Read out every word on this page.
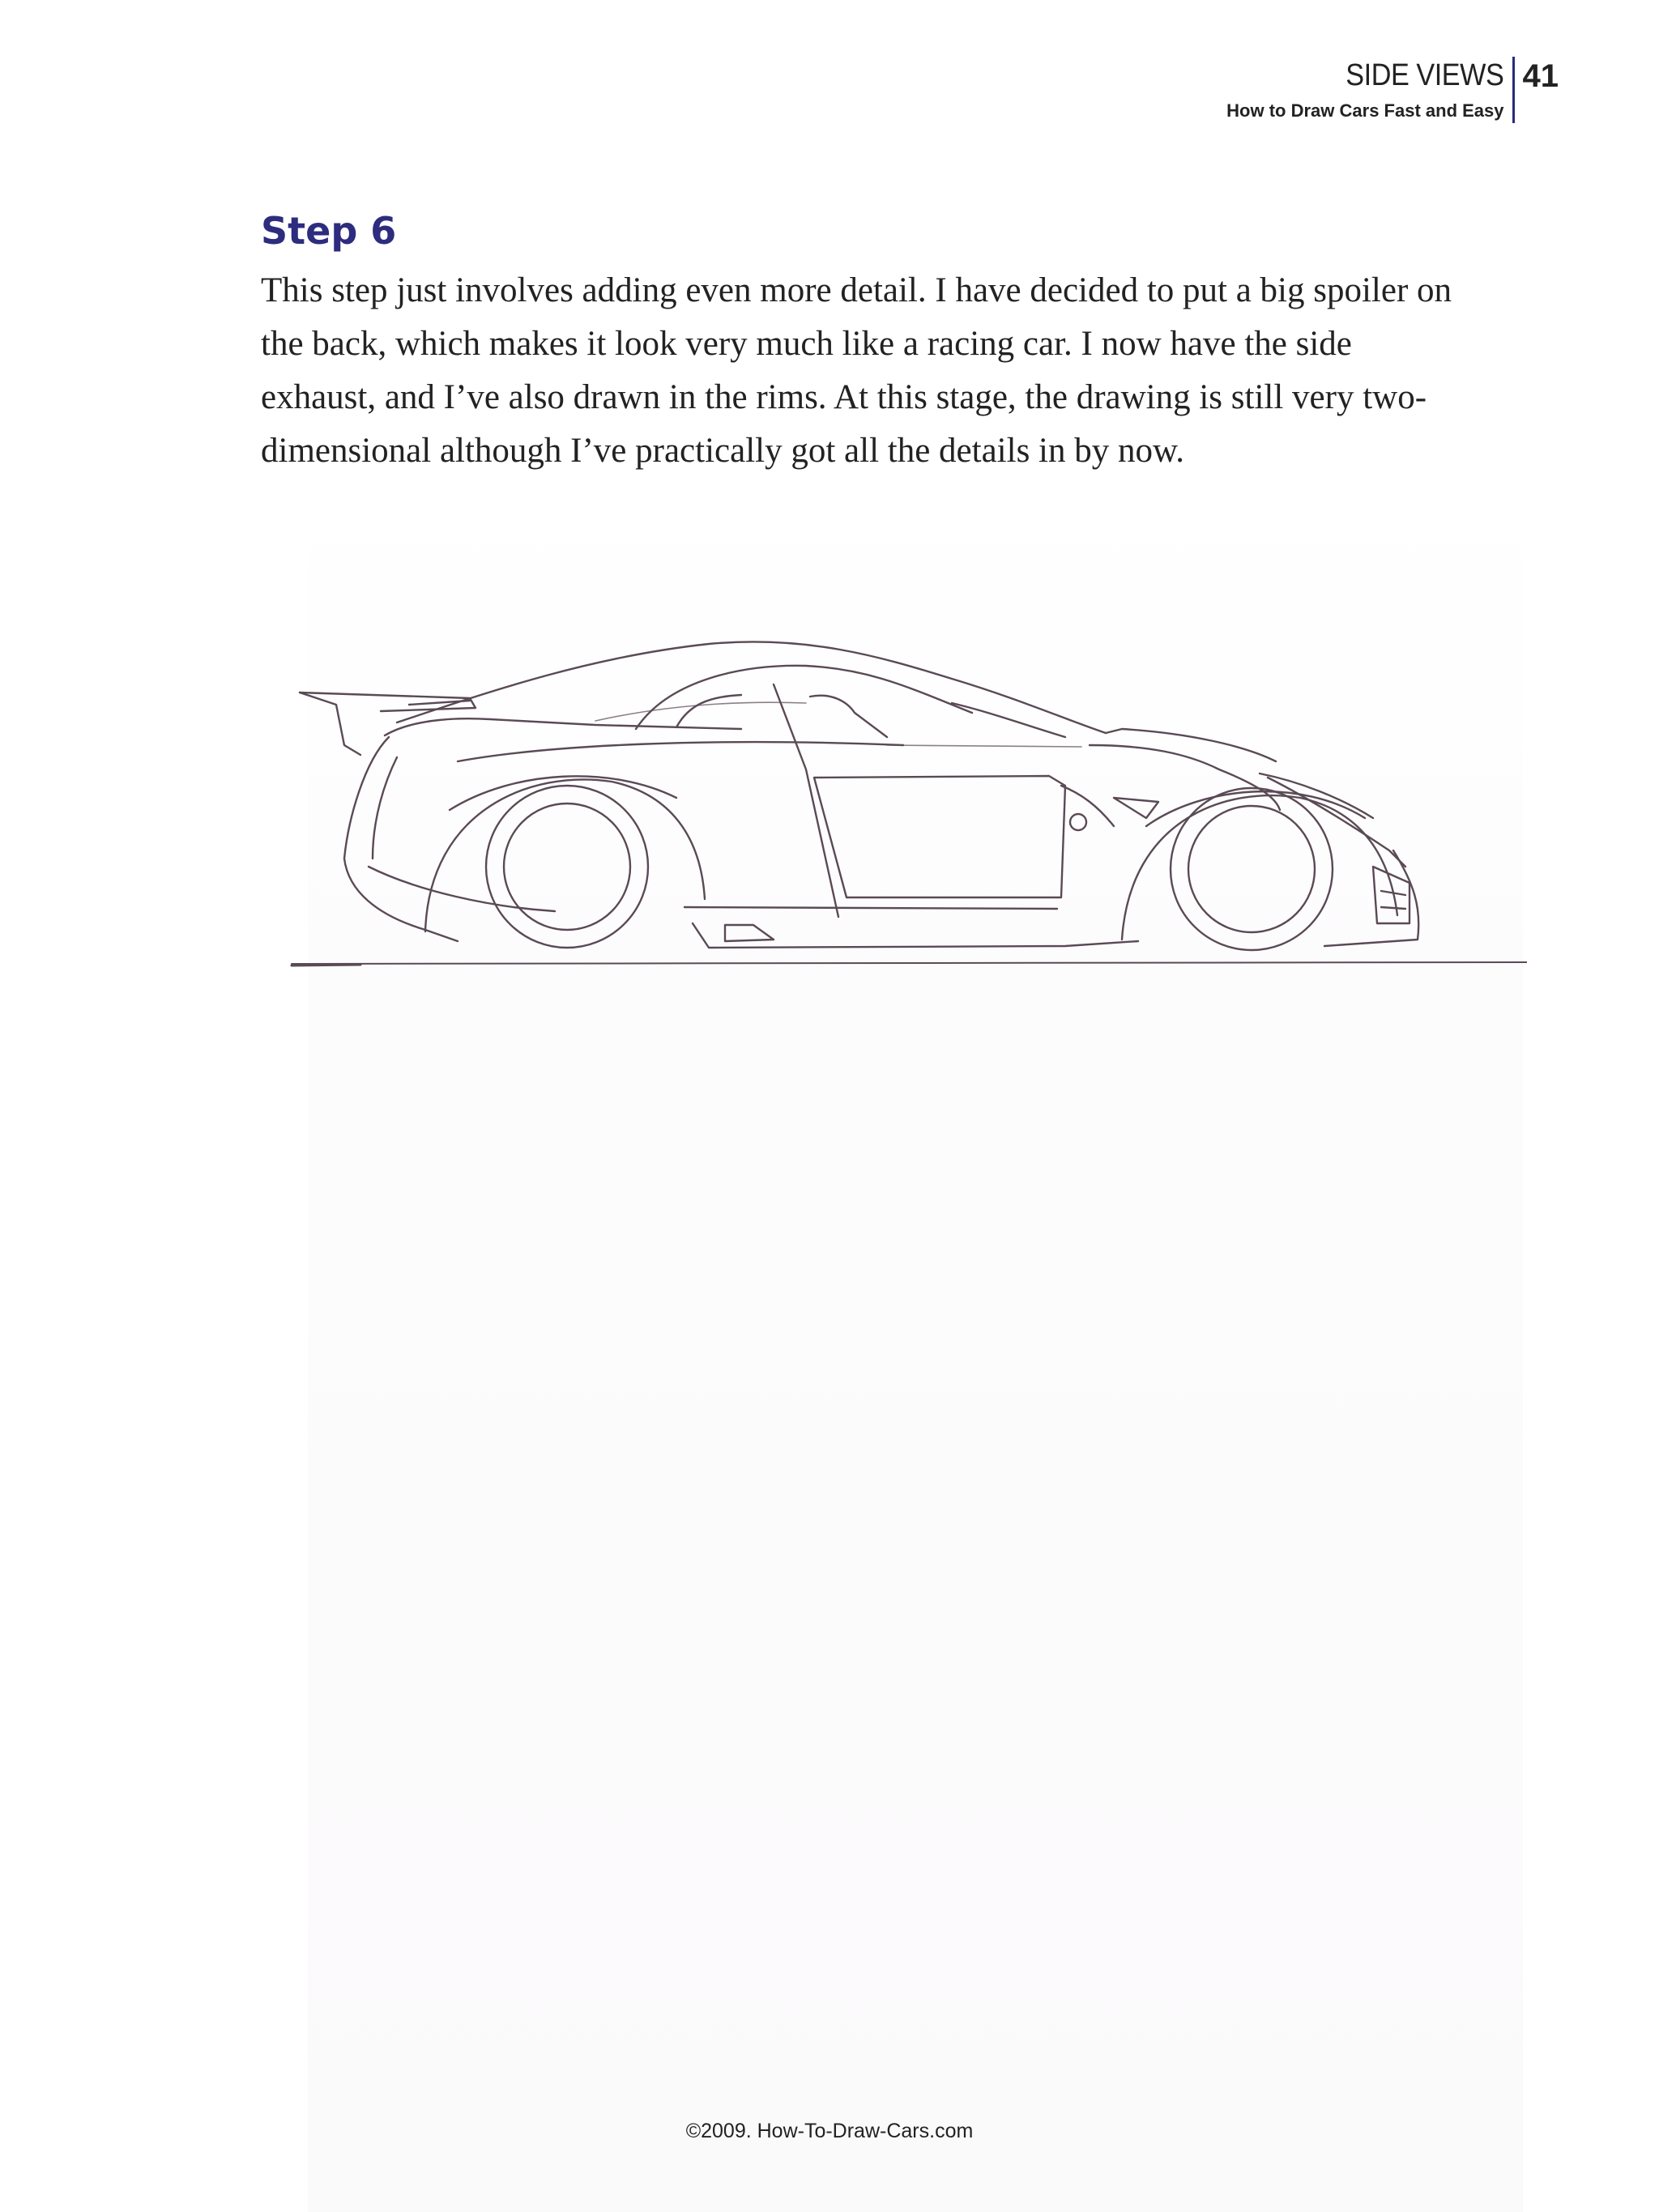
SIDE VIEWS
How to Draw Cars Fast and Easy
41
Step 6

This step just involves adding even more detail. I have decided to put a big spoiler on the back, which makes it look very much like a racing car. I now have the side exhaust, and I’ve also drawn in the rims. At this stage, the drawing is still very two-dimensional although I’ve practically got all the details in by now.

©2009. How-To-Draw-Cars.com
